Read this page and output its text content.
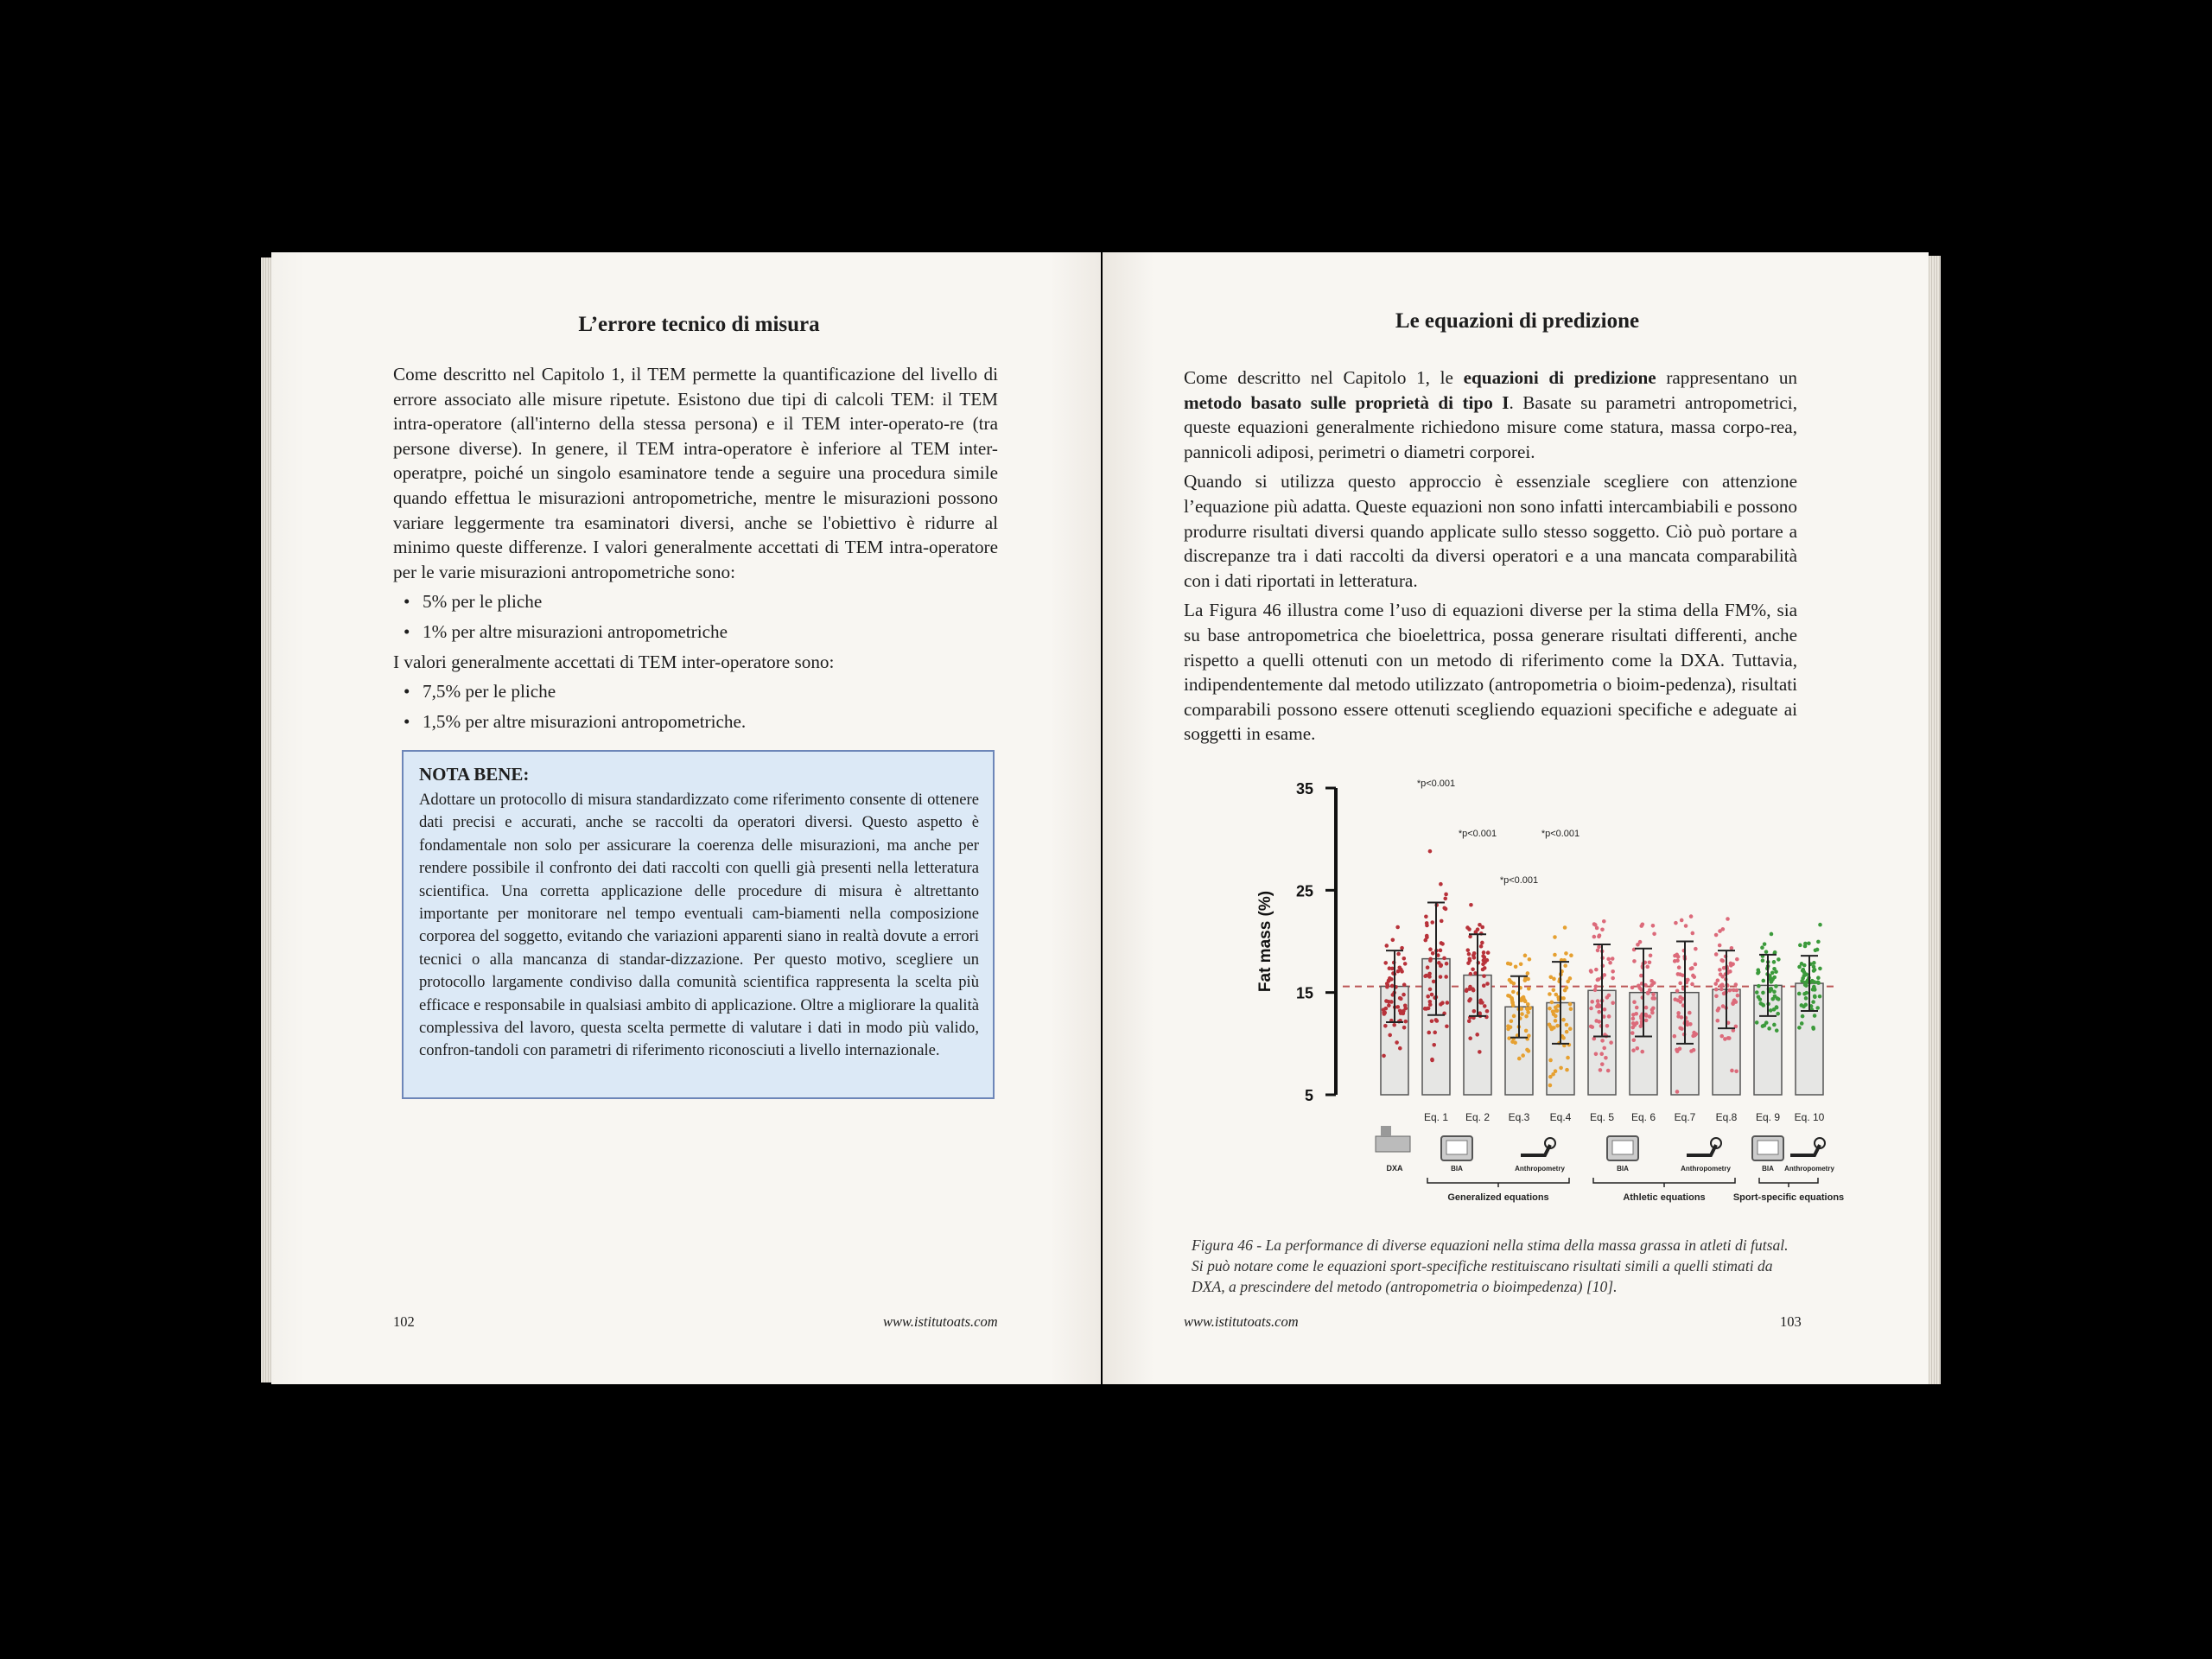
L’errore tecnico di misura

Come descritto nel Capitolo 1, il TEM permette la quantificazione del livello di errore associato alle misure ripetute. Esistono due tipi di calcoli TEM: il TEM intra-operatore (all'interno della stessa persona) e il TEM inter-operato-re (tra persone diverse). In genere, il TEM intra-operatore è inferiore al TEM inter-operatpre, poiché un singolo esaminatore tende a seguire una procedura simile quando effettua le misurazioni antropometriche, mentre le misurazioni possono variare leggermente tra esaminatori diversi, anche se l'obiettivo è ridurre al minimo queste differenze. I valori generalmente accettati di TEM intra-operatore per le varie misurazioni antropometriche sono:

• 5% per le pliche
• 1% per altre misurazioni antropometriche

I valori generalmente accettati di TEM inter-operatore sono:

• 7,5% per le pliche
• 1,5% per altre misurazioni antropometriche.

NOTA BENE:

Adottare un protocollo di misura standardizzato come riferimento consente di ottenere dati precisi e accurati, anche se raccolti da operatori diversi. Questo aspetto è fondamentale non solo per assicurare la coerenza delle misurazioni, ma anche per rendere possibile il confronto dei dati raccolti con quelli già presenti nella letteratura scientifica. Una corretta applicazione delle procedure di misura è altrettanto importante per monitorare nel tempo eventuali cam-biamenti nella composizione corporea del soggetto, evitando che variazioni apparenti siano in realtà dovute a errori tecnici o alla mancanza di standar-dizzazione. Per questo motivo, scegliere un protocollo largamente condiviso dalla comunità scientifica rappresenta la scelta più efficace e responsabile in qualsiasi ambito di applicazione. Oltre a migliorare la qualità complessiva del lavoro, questa scelta permette di valutare i dati in modo più valido, confron-tandoli con parametri di riferimento riconosciuti a livello internazionale.

102	www.istitutoats.com
Le equazioni di predizione

Come descritto nel Capitolo 1, le equazioni di predizione rappresentano un metodo basato sulle proprietà di tipo I. Basate su parametri antropometrici, queste equazioni generalmente richiedono misure come statura, massa corpo-rea, pannicoli adiposi, perimetri o diametri corporei.

Quando si utilizza questo approccio è essenziale scegliere con attenzione l’equazione più adatta. Queste equazioni non sono infatti intercambiabili e possono produrre risultati diversi quando applicate sullo stesso soggetto. Ciò può portare a discrepanze tra i dati raccolti da diversi operatori e a una mancata comparabilità con i dati riportati in letteratura.

La Figura 46 illustra come l’uso di equazioni diverse per la stima della FM%, sia su base antropometrica che bioelettrica, possa generare risultati differenti, anche rispetto a quelli ottenuti con un metodo di riferimento come la DXA. Tuttavia, indipendentemente dal metodo utilizzato (antropometria o bioim-pedenza), risultati comparabili possono essere ottenuti scegliendo equazioni specifiche e adeguate ai soggetti in esame.

5
15
25
35
Fat mass (%)
*p<0.001
Eq. 1
*p<0.001
Eq. 2
*p<0.001
Eq.3
*p<0.001
Eq.4 Eq. 5 Eq. 6 Eq.7 Eq.8 Eq. 9 Eq. 10
DXA	BIA	Anthropometry	BIA	Anthropometry	BIA Anthropometry
Generalized equations	Athletic equations	Sport-specific equations

Figura 46 - La performance di diverse equazioni nella stima della massa grassa in atleti di futsal. Si può notare come le equazioni sport-specifiche restituiscano risultati simili a quelli stimati da DXA, a prescindere del metodo (antropometria o bioimpedenza) [10].

www.istitutoats.com	103
